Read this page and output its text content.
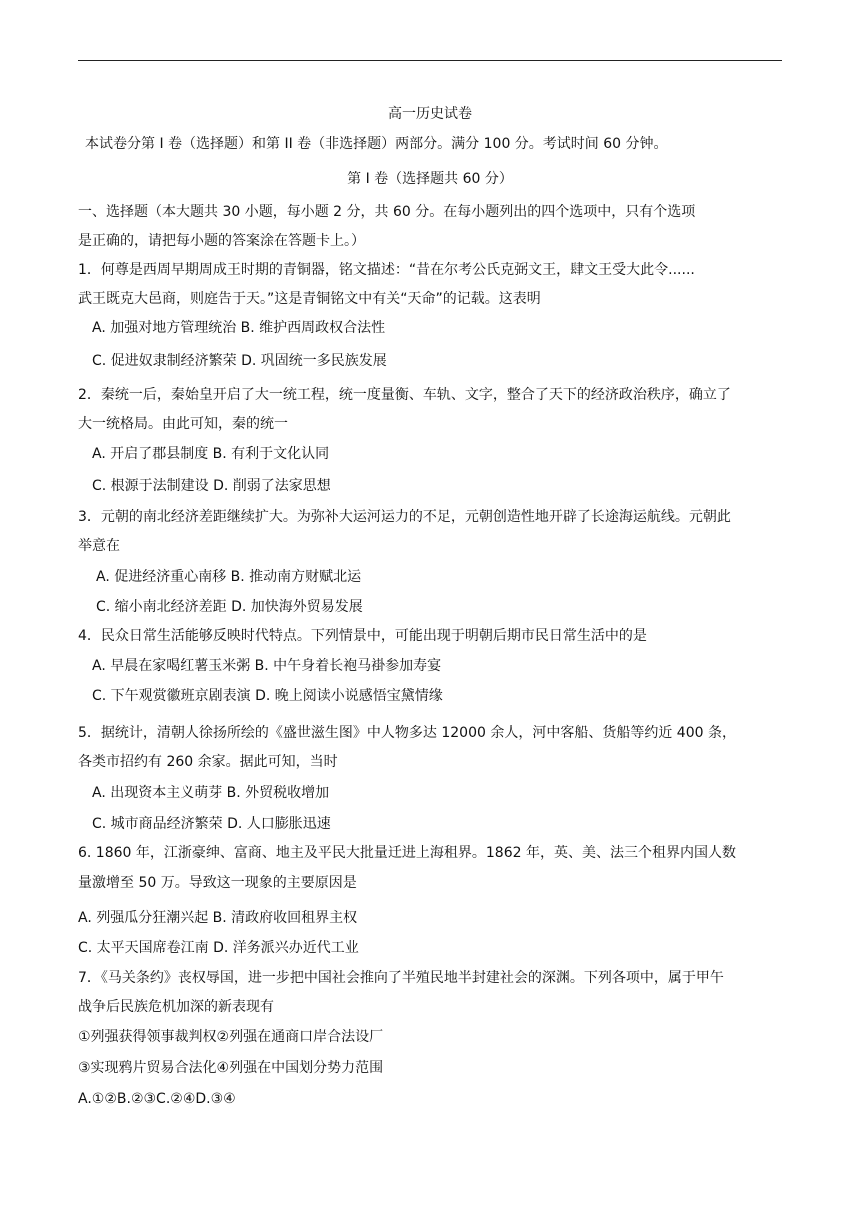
高一历史试卷
本试卷分第 I 卷（选择题）和第 II 卷（非选择题）两部分。满分 100 分。考试时间 60 分钟。
第 I 卷（选择题共 60 分）
一、选择题（本大题共 30 小题，每小题 2 分，共 60 分。在每小题列出的四个选项中，只有个选项
是正确的，请把每小题的答案涂在答题卡上。）
1．何尊是西周早期周成王时期的青铜器，铭文描述：“昔在尔考公氏克弼文王，肆文王受大此令......
武王既克大邑商，则庭告于天。”这是青铜铭文中有关“天命”的记载。这表明
A. 加强对地方管理统治 B. 维护西周政权合法性
C. 促进奴隶制经济繁荣 D. 巩固统一多民族发展
2．秦统一后，秦始皇开启了大一统工程，统一度量衡、车轨、文字，整合了天下的经济政治秩序，确立了
大一统格局。由此可知，秦的统一
A. 开启了郡县制度 B. 有利于文化认同
C. 根源于法制建设 D. 削弱了法家思想
3．元朝的南北经济差距继续扩大。为弥补大运河运力的不足，元朝创造性地开辟了长途海运航线。元朝此
举意在
A. 促进经济重心南移 B. 推动南方财赋北运
C. 缩小南北经济差距 D. 加快海外贸易发展
4．民众日常生活能够反映时代特点。下列情景中，可能出现于明朝后期市民日常生活中的是
A. 早晨在家喝红薯玉米粥 B. 中午身着长袍马褂参加寿宴
C. 下午观赏徽班京剧表演 D. 晚上阅读小说感悟宝黛情缘
5．据统计，清朝人徐扬所绘的《盛世滋生图》中人物多达 12000 余人，河中客船、货船等约近 400 条，
各类市招约有 260 余家。据此可知，当时
A. 出现资本主义萌芽 B. 外贸税收增加
C. 城市商品经济繁荣 D. 人口膨胀迅速
6. 1860 年，江浙豪绅、富商、地主及平民大批量迁进上海租界。1862 年，英、美、法三个租界内国人数
量激增至 50 万。导致这一现象的主要原因是
A. 列强瓜分狂潮兴起 B. 清政府收回租界主权
C. 太平天国席卷江南 D. 洋务派兴办近代工业
7．《马关条约》丧权辱国，进一步把中国社会推向了半殖民地半封建社会的深渊。下列各项中，属于甲午
战争后民族危机加深的新表现有
①列强获得领事裁判权②列强在通商口岸合法设厂
③实现鸦片贸易合法化④列强在中国划分势力范围
A.①②B.②③C.②④D.③④
